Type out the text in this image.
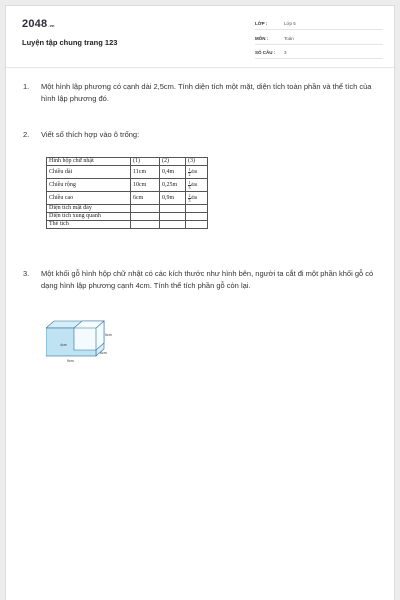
2048.vn
Luyện tập chung trang 123
LỚP :	Lớp 5
MÔN :	Toán
SỐ CÂU :	3
1. Một hình lập phương có cạnh dài 2,5cm. Tính diện tích một mặt, diện tích toàn phần và thể tích của hình lập phương đó.
2. Viết số thích hợp vào ô trống:
Hình hộp chữ nhật	(1)	(2)	(3)
Chiều dài	11cm	0,4m	$\frac{1}{2}$ dm
Chiều rộng	10cm	0,25m	$\frac{1}{3}$ dm
Chiều cao	6cm	0,9m	$\frac{2}{5}$ dm
Diện tích mặt đáy			
Diện tích xung quanh			
Thể tích			
3. Một khối gỗ hình hộp chữ nhật có các kích thước như hình bên, người ta cắt đi một phần khối gỗ có dạng hình lập phương cạnh 4cm. Tính thể tích phần gỗ còn lại.
4cm
5cm
6cm
9cm
